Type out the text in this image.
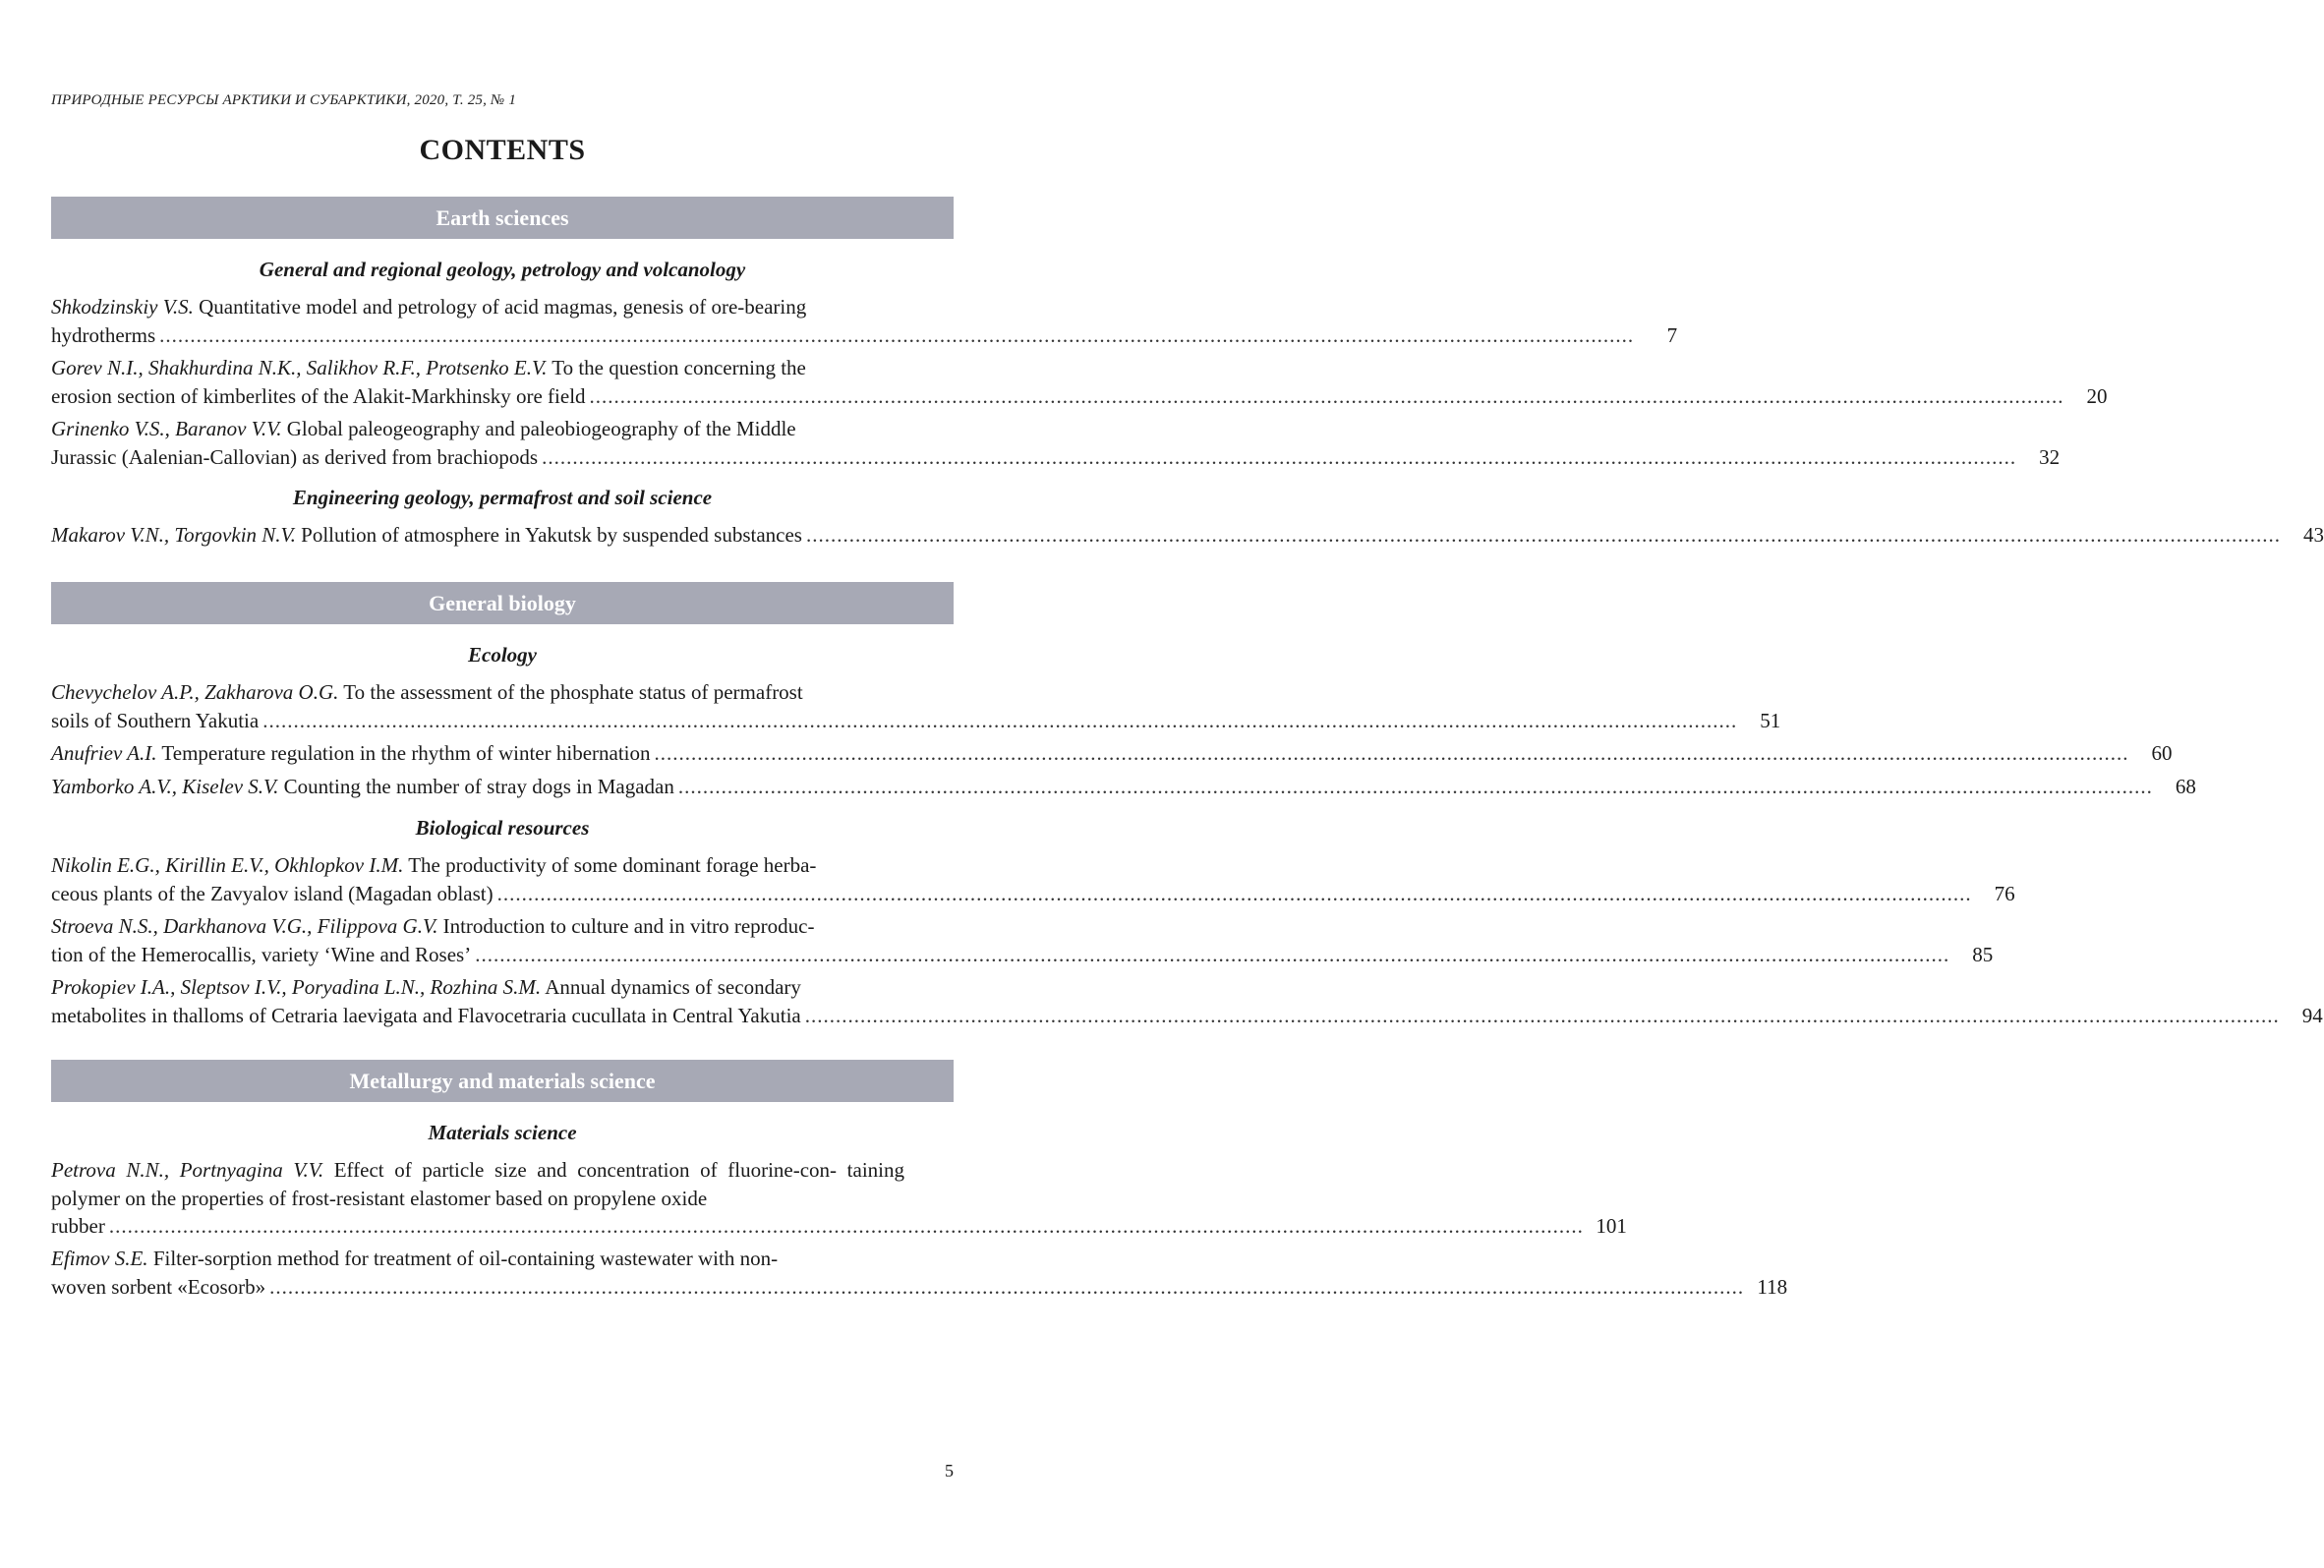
ПРИРОДНЫЕ РЕСУРСЫ АРКТИКИ И СУБАРКТИКИ, 2020, Т. 25, № 1
CONTENTS
Earth sciences
General and regional geology, petrology and volcanology
Shkodzinskiy V.S. Quantitative model and petrology of acid magmas, genesis of ore-bearing
hydrotherms .....	7
Gorev N.I., Shakhurdina N.K., Salikhov R.F., Protsenko E.V. To the question concerning the
erosion section of kimberlites of the Alakit-Markhinsky ore field .....	20
Grinenko V.S., Baranov V.V. Global paleogeography and paleobiogeography of the Middle
Jurassic (Aalenian-Callovian) as derived from brachiopods .....	32
Engineering geology, permafrost and soil science
Makarov V.N., Torgovkin N.V. Pollution of atmosphere in Yakutsk by suspended substances .....	43
General biology
Ecology
Chevychelov A.P., Zakharova O.G. To the assessment of the phosphate status of permafrost
soils of Southern Yakutia .....	51
Anufriev A.I. Temperature regulation in the rhythm of winter hibernation .....	60
Yamborko A.V., Kiselev S.V. Counting the number of stray dogs in Magadan .....	68
Biological resources
Nikolin E.G., Kirillin E.V., Okhlopkov I.M. The productivity of some dominant forage herba-
ceous plants of the Zavyalov island (Magadan oblast) .....	76
Stroeva N.S., Darkhanova V.G., Filippova G.V. Introduction to culture and in vitro reproduc-
tion of the Hemerocallis, variety ‘Wine and Roses’ .....	85
Prokopiev I.A., Sleptsov I.V., Poryadina L.N., Rozhina S.M. Annual dynamics of secondary
metabolites in thalloms of Cetraria laevigata and Flavocetraria cucullata in Central Yakutia .....	94
Metallurgy and materials science
Materials science
Petrova N.N., Portnyagina V.V. Effect of particle size and concentration of fluorine-con- taining polymer on the properties of frost-resistant elastomer based on propylene oxide
rubber .....	101
Efimov S.E. Filter-sorption method for treatment of oil-containing wastewater with non-
woven sorbent «Ecosorb» .....	118
5
